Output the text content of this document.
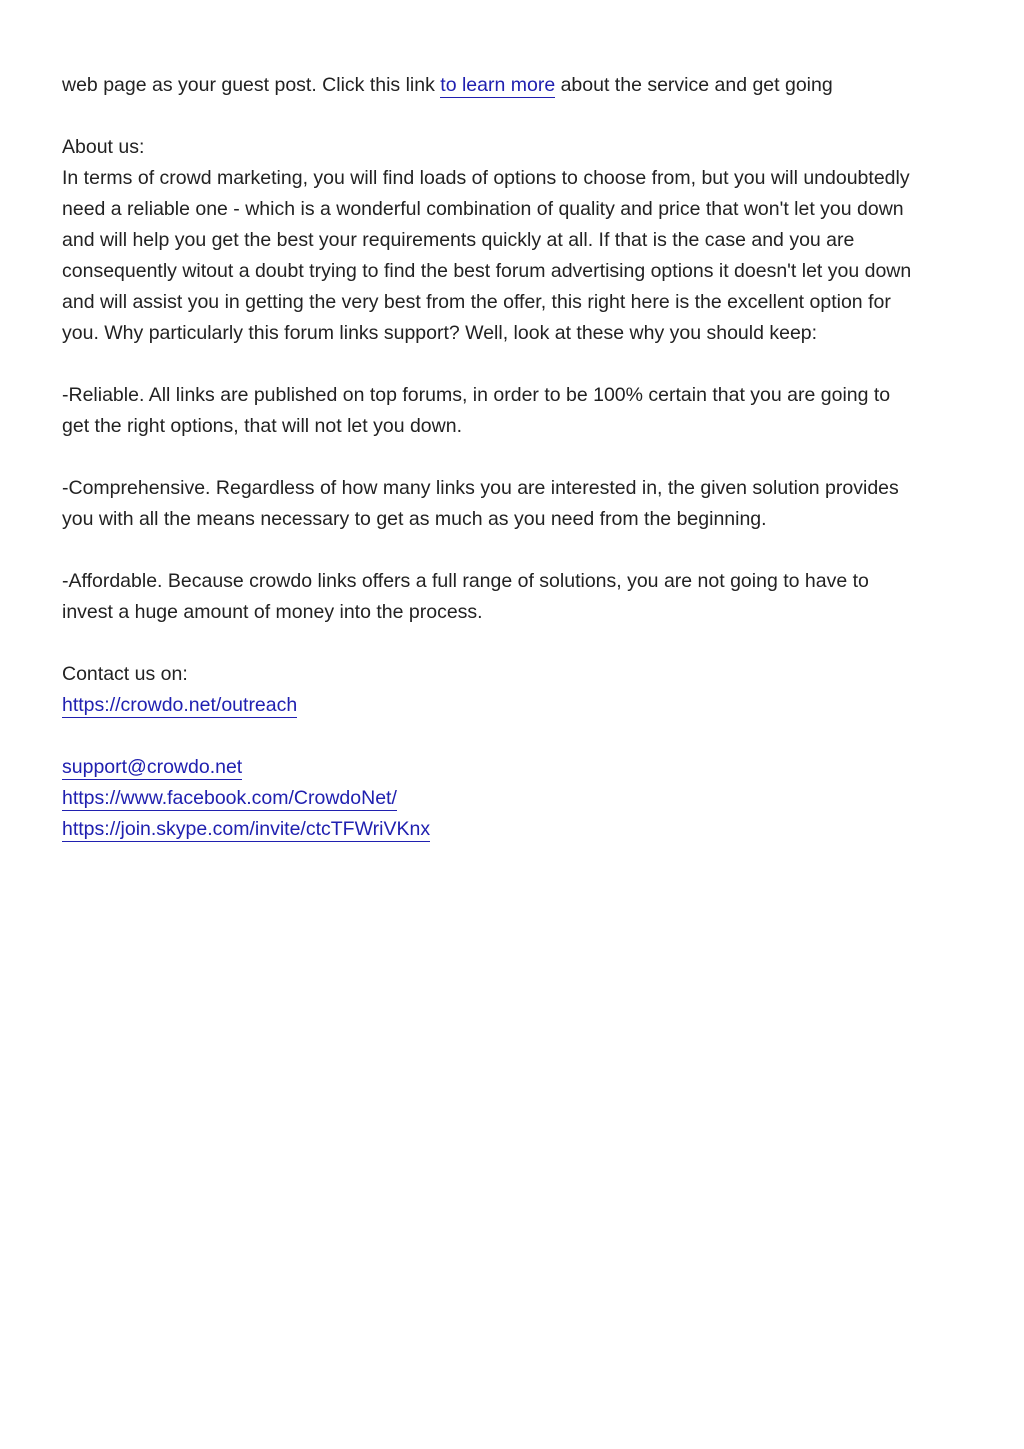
web page as your guest post. Click this link to learn more about the service and get going

About us:
In terms of crowd marketing, you will find loads of options to choose from, but you will undoubtedly
need a reliable one - which is a wonderful combination of quality and price that won't let you down
and will help you get the best your requirements quickly at all. If that is the case and you are
consequently witout a doubt trying to find the best forum advertising options it doesn't let you down
and will assist you in getting the very best from the offer, this right here is the excellent option for
you. Why particularly this forum links support? Well, look at these why you should keep:
-Reliable. All links are published on top forums, in order to be 100% certain that you are going to
get the right options, that will not let you down.
-Comprehensive. Regardless of how many links you are interested in, the given solution provides
you with all the means necessary to get as much as you need from the beginning.
-Affordable. Because crowdo links offers a full range of solutions, you are not going to have to
invest a huge amount of money into the process.
Contact us on:
https://crowdo.net/outreach
support@crowdo.net
https://www.facebook.com/CrowdoNet/
https://join.skype.com/invite/ctcTFWriVKnx
